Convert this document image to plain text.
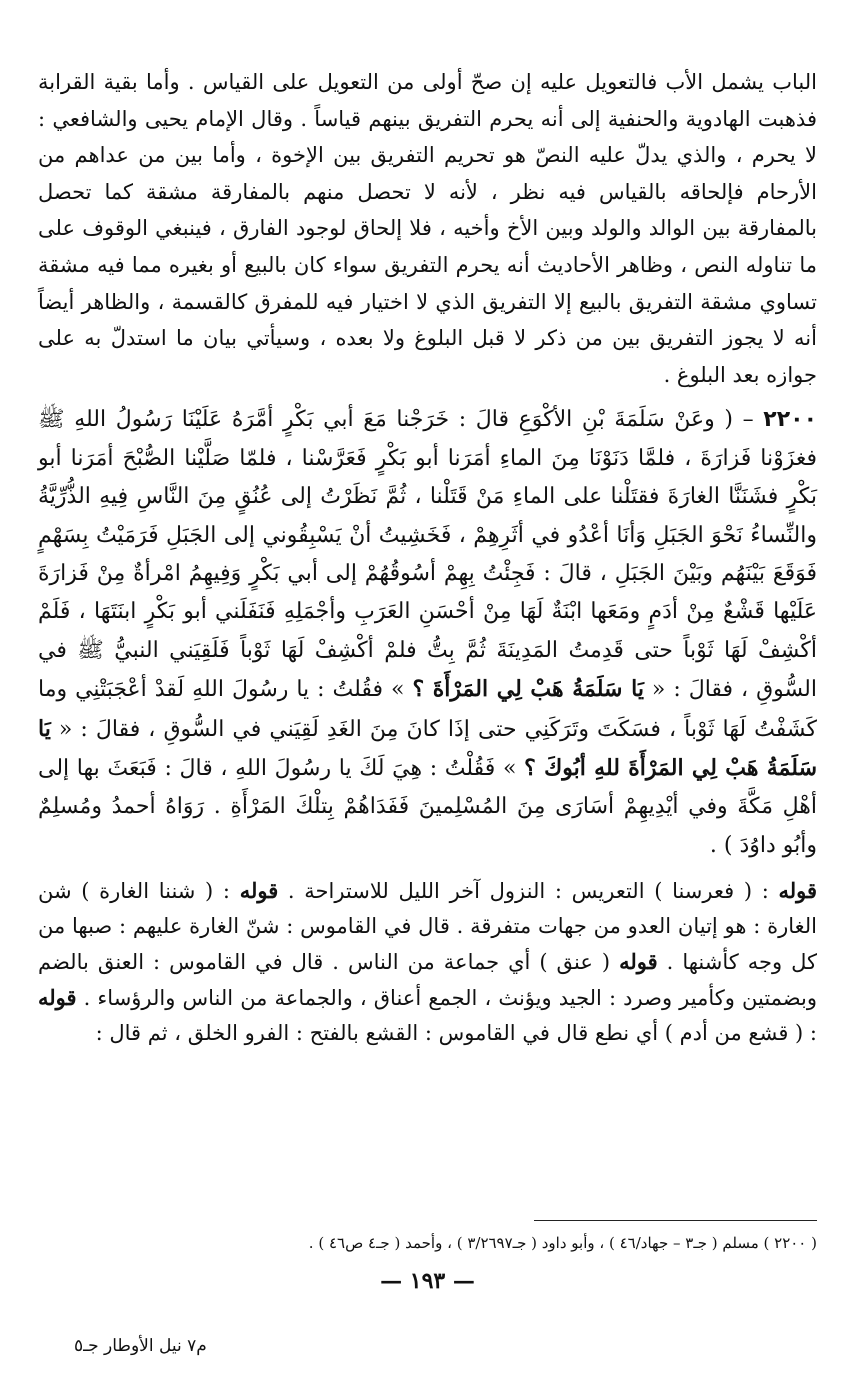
الباب يشمل الأب فالتعويل عليه إن صحّ أولى من التعويل على القياس . وأما بقية القرابة فذهبت الهادوية والحنفية إلى أنه يحرم التفريق بينهم قياساً . وقال الإمام يحيى والشافعي : لا يحرم ، والذي يدلّ عليه النصّ هو تحريم التفريق بين الإخوة ، وأما بين من عداهم من الأرحام فإلحاقه بالقياس فيه نظر ، لأنه لا تحصل منهم بالمفارقة مشقة كما تحصل بالمفارقة بين الوالد والولد وبين الأخ وأخيه ، فلا إلحاق لوجود الفارق ، فينبغي الوقوف على ما تناوله النص ، وظاهر الأحاديث أنه يحرم التفريق سواء كان بالبيع أو بغيره مما فيه مشقة تساوي مشقة التفريق بالبيع إلا التفريق الذي لا اختيار فيه للمفرق كالقسمة ، والظاهر أيضاً أنه لا يجوز التفريق بين من ذكر لا قبل البلوغ ولا بعده ، وسيأتي بيان ما استدلّ به على جوازه بعد البلوغ .

٢٢٠٠ – ( وعَنْ سَلَمَةَ بْنِ الأكْوَعِ قالَ : خَرَجْنا مَعَ أبي بَكْرٍ أمَّرَهُ عَلَيْنَا رَسُولُ اللهِ ﷺ فغزَوْنا فَزارَةَ ، فلمَّا دَنَوْنَا مِنَ الماءِ أمَرَنا أبو بَكْرٍ فَعَرَّسْنا ، فلمّا صَلَّيْنا الصُّبْحَ أمَرَنا أبو بَكْرٍ فشَنَنَّا الغارَةَ فقتَلْنا على الماءِ مَنْ قَتَلْنا ، ثُمَّ نَظَرْتُ إلى عُنُقٍ مِنَ النَّاسِ فِيهِ الذُّرِّيَّةُ والنِّساءُ نَحْوَ الجَبَلِ وَأنَا أعْدُو في أثَرِهِمْ ، فَخَشِيتُ أنْ يَسْبِقُوني إلى الجَبَلِ فَرَمَيْتُ بِسَهْمٍ فَوَقَعَ بَيْنَهُم وبَيْنَ الجَبَلِ ، قالَ : فَجِئْتُ بِهِمْ أسُوقُهُمْ إلى أبي بَكْرٍ وَفِيهِمُ امْرأةٌ مِنْ فَزارَةَ عَلَيْها قَشْعٌ مِنْ أدَمٍ ومَعَها ابْنَةٌ لَهَا مِنْ أحْسَنِ العَرَبِ وأجْمَلِهِ فَنَفَلَني أبو بَكْرٍ ابنَتَهَا ، فَلَمْ أكْشِفْ لَهَا ثَوْباً حتى قَدِمتُ المَدِينَةَ ثُمَّ بِتُّ فلمْ أكْشِفْ لَهَا ثَوْباً فَلَقِيَني النبيُّ ﷺ في السُّوقِ ، فقالَ : « يَا سَلَمَةُ هَبْ لِي المَرْأَةَ ؟ » فقُلتُ : يا رسُولَ اللهِ لَقدْ أعْجَبَتْنِي وما كَشَفْتُ لَهَا ثَوْباً ، فسَكَتَ وتَرَكَنِي حتى إذَا كانَ مِنَ الغَدِ لَقِيَني في السُّوقِ ، فقالَ : « يَا سَلَمَةُ هَبْ لِي المَرْأَةَ للهِ أبُوكَ ؟ » فَقُلْتُ : هِيَ لَكَ يا رسُولَ اللهِ ، قالَ : فَبَعَثَ بها إلى أهْلِ مَكَّةَ وفي أيْدِيهِمْ أسَارَى مِنَ المُسْلِمينَ فَفَدَاهُمْ بِتلْكَ المَرْأَةِ . رَوَاهُ أحمدُ ومُسلِمٌ وأبُو داوُدَ ) .

قوله : ( فعرسنا ) التعريس : النزول آخر الليل للاستراحة . قوله : ( شننا الغارة ) شن الغارة : هو إتيان العدو من جهات متفرقة . قال في القاموس : شنّ الغارة عليهم : صبها من كل وجه كأشنها . قوله ( عنق ) أي جماعة من الناس . قال في القاموس : العنق بالضم وبضمتين وكأمير وصرد : الجيد ويؤنث ، الجمع أعناق ، والجماعة من الناس والرؤساء . قوله : ( قشع من أدم ) أي نطع قال في القاموس : القشع بالفتح : الفرو الخلق ، ثم قال :

( ٢٢٠٠ ) مسلم ( جـ٣ – جهاد/٤٦ ) ، وأبو داود ( جـ٣/٢٦٩٧ ) ، وأحمد ( جـ٤ ص٤٦ ) .
— ١٩٣ —
م٧ نيل الأوطار جـ٥
